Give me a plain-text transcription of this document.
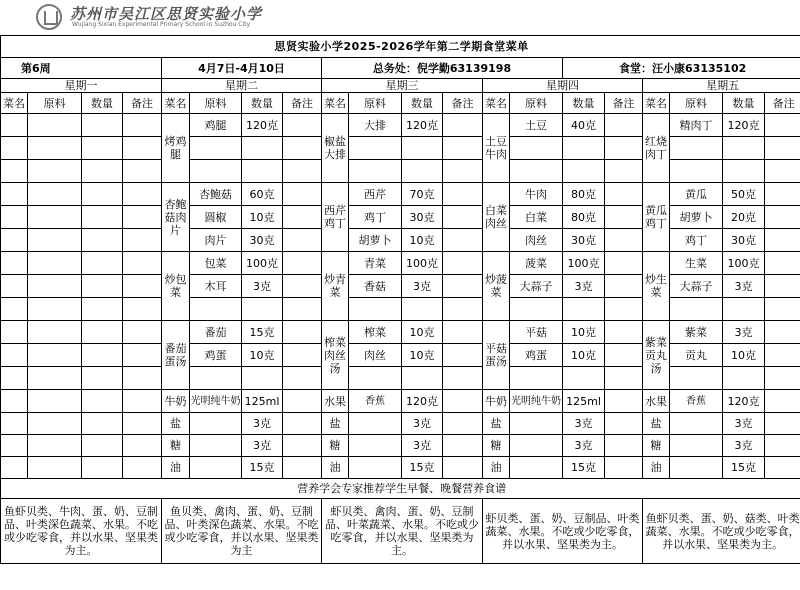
苏州市吴江区思贤实验小学
Wujiang Sixian Experimental Primary School in Suzhou City
思贤实验小学2025-2026学年第二学期食堂菜单																			
第6周				4月7日-4月10日				总务处：倪学勤63139198						食堂：汪小康63135102					
星期一				星期二				星期三				星期四				星期五			
菜名	原料	数量	备注	菜名	原料	数量	备注	菜名	原料	数量	备注	菜名	原料	数量	备注	菜名	原料	数量	备注
				烤鸡腿	鸡腿	120克		椒盐大排	大排	120克		土豆牛肉	土豆	40克		红烧肉丁	精肉丁	120克	

				杏鲍菇肉片	杏鲍菇	60克		西芹鸡丁	西芹	70克		白菜肉丝	牛肉	80克		黄瓜鸡丁	黄瓜	50克	
					圆椒	10克			鸡丁	30克			白菜	80克			胡萝卜	20克	
					肉片	30克			胡萝卜	10克			肉丝	30克			鸡丁	30克	
				炒包菜	包菜	100克		炒青菜	青菜	100克		炒菠菜	菠菜	100克		炒生菜	生菜	100克	
					木耳	3克			香菇	3克			大蒜子	3克			大蒜子	3克	

				番茄蛋汤	番茄	15克		榨菜肉丝汤	榨菜	10克		平菇蛋汤	平菇	10克		紫菜贡丸汤	紫菜	3克	
					鸡蛋	10克			肉丝	10克			鸡蛋	10克			贡丸	10克	

				牛奶	光明纯牛奶	125ml		水果	香蕉	120克		牛奶	光明纯牛奶	125ml		水果	香蕉	120克	
				盐		3克		盐		3克		盐		3克		盐		3克	
				糖		3克		糖		3克		糖		3克		糖		3克	
				油		15克		油		15克		油		15克		油		15克	
营养学会专家推荐学生早餐、晚餐营养食谱																			
鱼虾贝类、牛肉、蛋、奶、豆制品、叶类深色蔬菜、水果。不吃或少吃零食，并以水果、坚果类为主。				鱼贝类、禽肉、蛋、奶、豆制品、叶类深色蔬菜、水果。不吃或少吃零食，并以水果、坚果类为主				虾贝类、禽肉、蛋、奶、豆制品、叶菜蔬菜、水果。不吃或少吃零食，并以水果、坚果类为主。				虾贝类、蛋、奶、豆制品、叶类蔬菜、水果。不吃或少吃零食，并以水果、坚果类为主。				鱼虾贝类、蛋、奶、菇类、叶类蔬菜、水果。不吃或少吃零食，并以水果、坚果类为主。			
